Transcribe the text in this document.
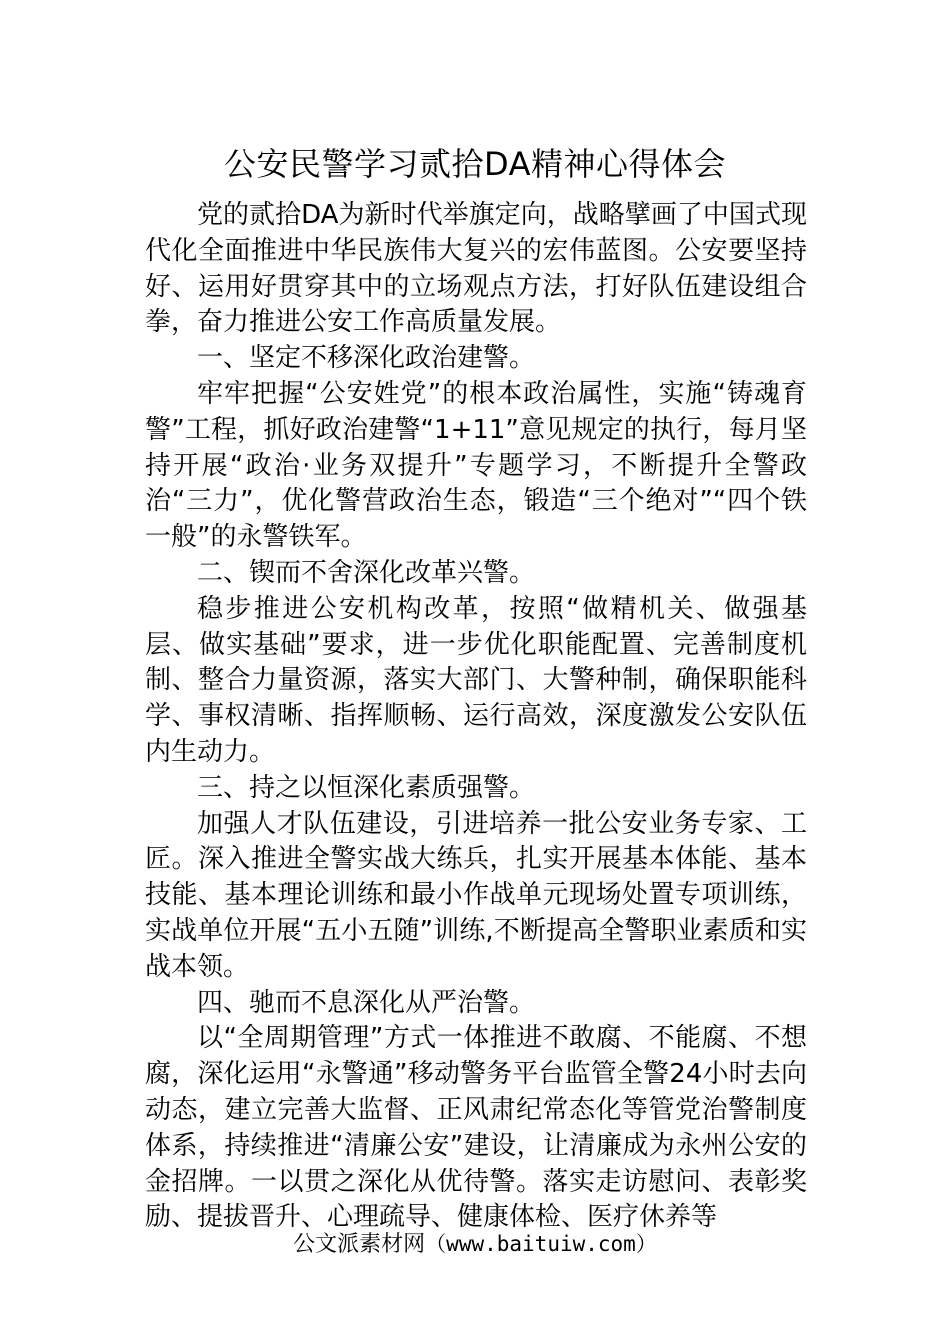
公安民警学习贰拾DA精神心得体会

党的贰拾DA为新时代举旗定向，战略擘画了中国式现代化全面推进中华民族伟大复兴的宏伟蓝图。公安要坚持好、运用好贯穿其中的立场观点方法，打好队伍建设组合拳，奋力推进公安工作高质量发展。

一、坚定不移深化政治建警。

牢牢把握“公安姓党”的根本政治属性，实施“铸魂育警”工程，抓好政治建警“1+11”意见规定的执行，每月坚持开展“政治·业务双提升”专题学习，不断提升全警政治“三力”，优化警营政治生态，锻造“三个绝对”“四个铁一般”的永警铁军。

二、锲而不舍深化改革兴警。

稳步推进公安机构改革，按照“做精机关、做强基层、做实基础”要求，进一步优化职能配置、完善制度机制、整合力量资源，落实大部门、大警种制，确保职能科学、事权清晰、指挥顺畅、运行高效，深度激发公安队伍内生动力。

三、持之以恒深化素质强警。

加强人才队伍建设，引进培养一批公安业务专家、工匠。深入推进全警实战大练兵，扎实开展基本体能、基本技能、基本理论训练和最小作战单元现场处置专项训练，实战单位开展“五小五随”训练,不断提高全警职业素质和实战本领。

四、驰而不息深化从严治警。

以“全周期管理”方式一体推进不敢腐、不能腐、不想腐，深化运用“永警通”移动警务平台监管全警24小时去向动态，建立完善大监督、正风肃纪常态化等管党治警制度体系，持续推进“清廉公安”建设，让清廉成为永州公安的金招牌。一以贯之深化从优待警。落实走访慰问、表彰奖励、提拔晋升、心理疏导、健康体检、医疗休养等

公文派素材网（www.baituiw.com）
